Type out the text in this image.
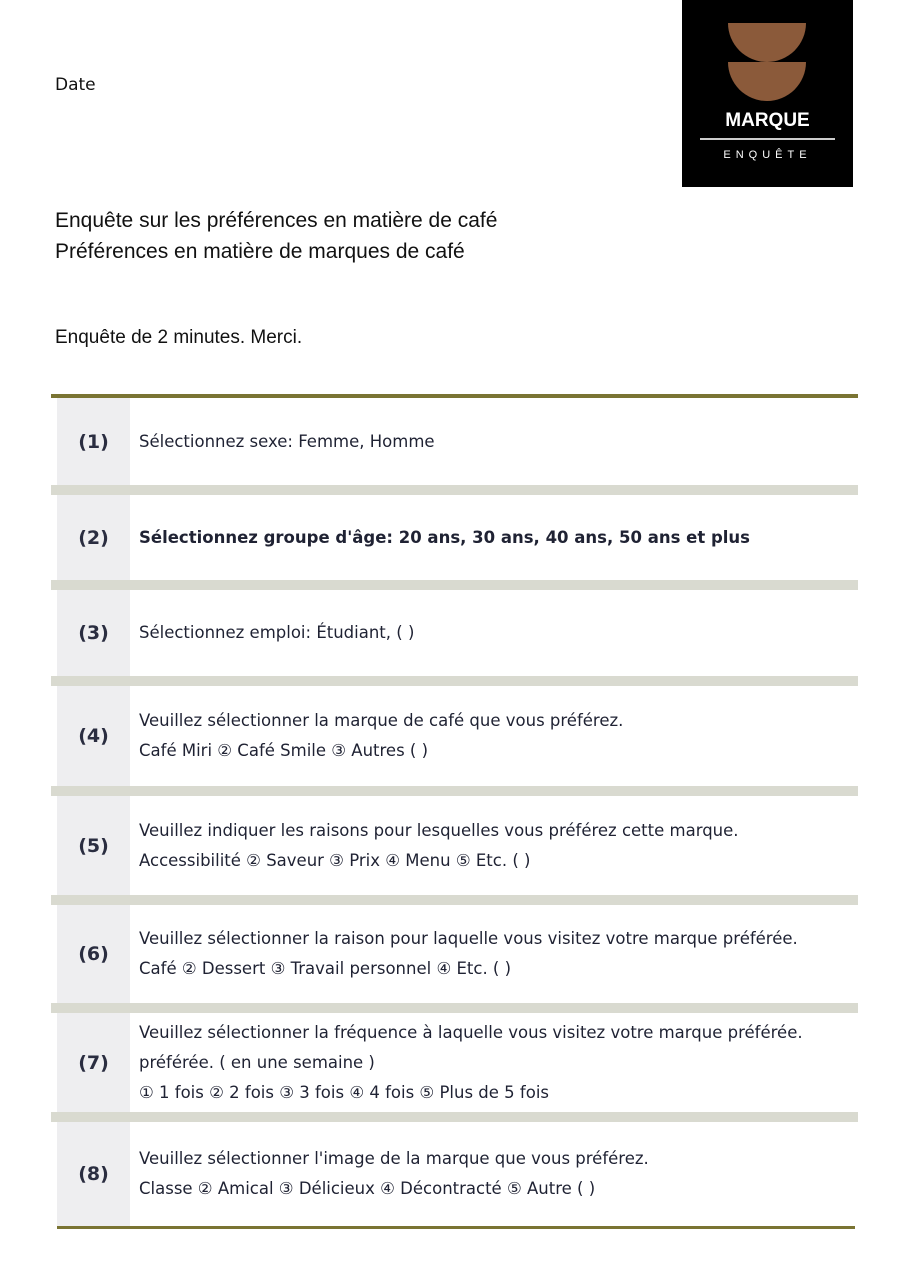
Date
MARQUE
ENQUÊTE
Enquête sur les préférences en matière de café
Préférences en matière de marques de café
Enquête de 2 minutes. Merci.
(1)	Sélectionnez sexe: Femme, Homme
(2)	Sélectionnez groupe d'âge: 20 ans, 30 ans, 40 ans, 50 ans et plus
(3)	Sélectionnez emploi: Étudiant, ( )
(4)
Veuillez sélectionner la marque de café que vous préférez.
Café Miri ② Café Smile ③ Autres ( )
(5)
Veuillez indiquer les raisons pour lesquelles vous préférez cette marque.
Accessibilité ② Saveur ③ Prix ④ Menu ⑤ Etc. ( )
(6)
Veuillez sélectionner la raison pour laquelle vous visitez votre marque préférée.
Café ② Dessert ③ Travail personnel ④ Etc. ( )
(7)
Veuillez sélectionner la fréquence à laquelle vous visitez votre marque préférée.
préférée. ( en une semaine )
① 1 fois ② 2 fois ③ 3 fois ④ 4 fois ⑤ Plus de 5 fois
(8)
Veuillez sélectionner l'image de la marque que vous préférez.
Classe ② Amical ③ Délicieux ④ Décontracté ⑤ Autre ( )
